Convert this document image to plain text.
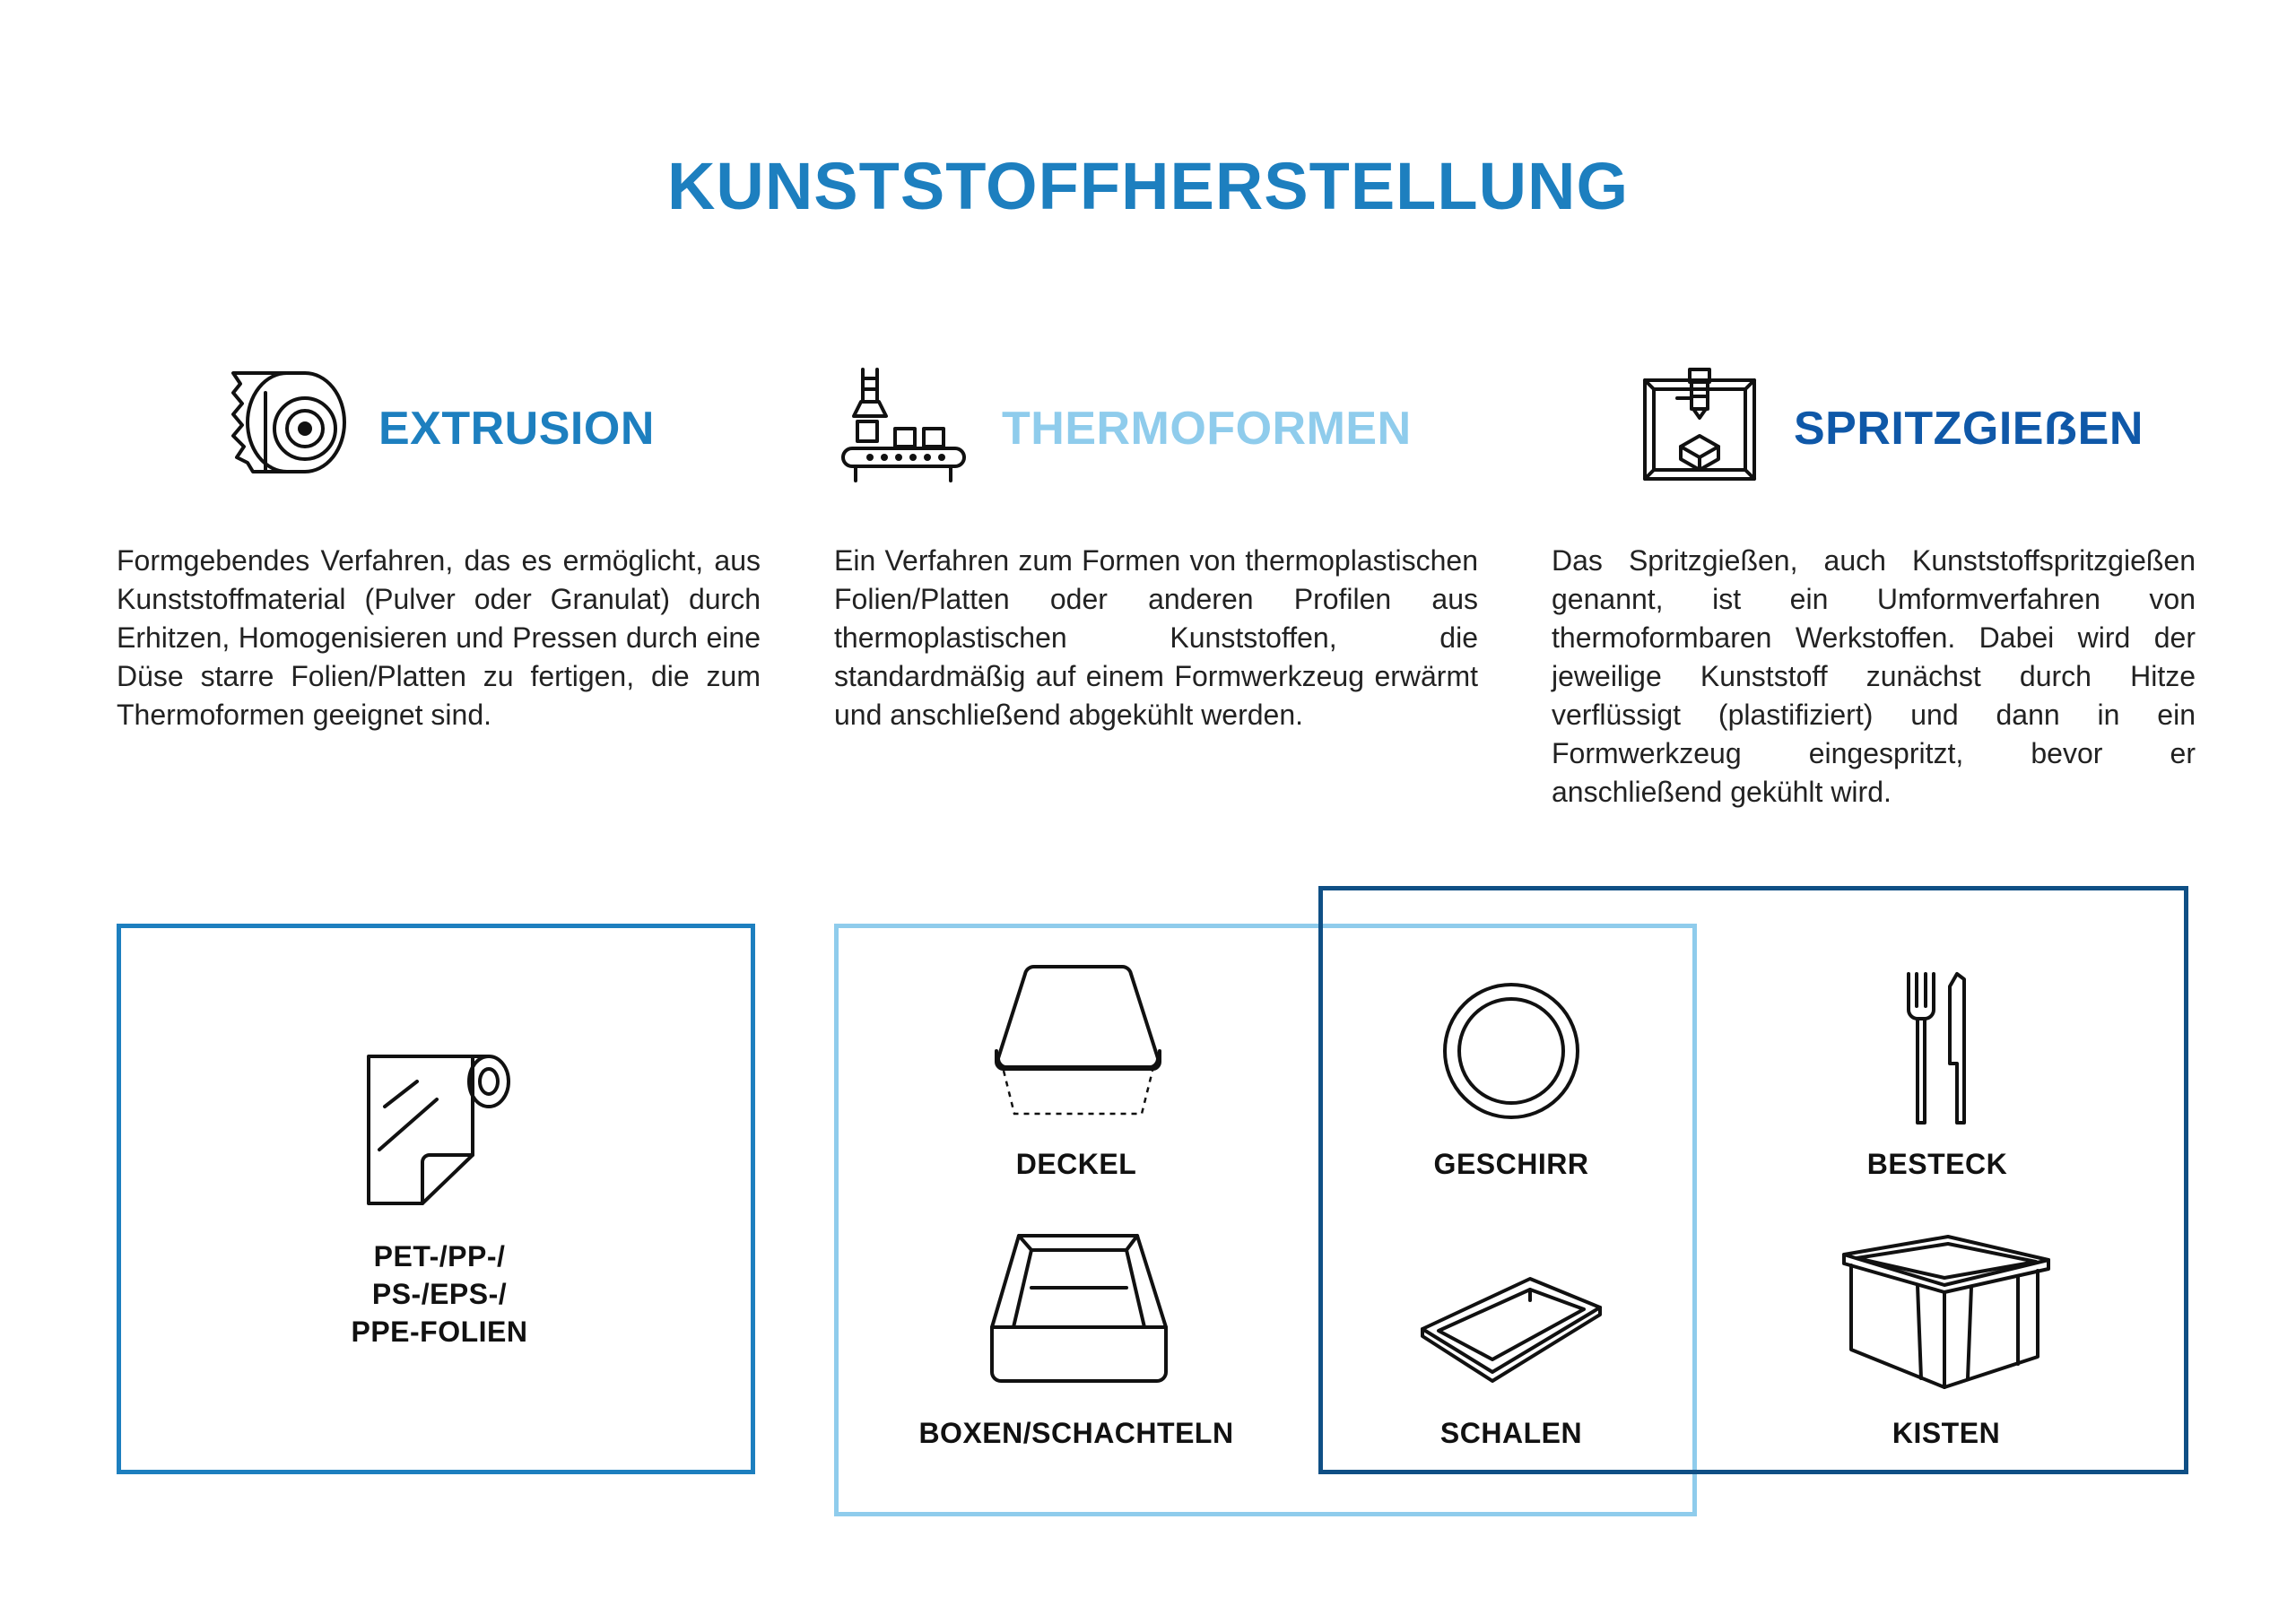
KUNSTSTOFFHERSTELLUNG
EXTRUSION
Formgebendes Verfahren, das es ermöglicht, aus Kunststoffmaterial (Pulver oder Granulat) durch Erhitzen, Homogenisieren und Pressen durch eine Düse starre Folien/Platten zu fertigen, die zum Thermoformen geeignet sind.
THERMOFORMEN
Ein Verfahren zum Formen von thermoplastischen Folien/Platten oder anderen Profilen aus thermoplastischen Kunststoffen, die standardmäßig auf einem Formwerkzeug erwärmt und anschließend abgekühlt werden.
SPRITZGIEẞEN
Das Spritzgießen, auch Kunststoffspritzgießen genannt, ist ein Umformverfahren von thermoformbaren Werkstoffen. Dabei wird der jeweilige Kunststoff zunächst durch Hitze verflüssigt (plastifiziert) und dann in ein Formwerkzeug eingespritzt, bevor er anschließend gekühlt wird.
PET-/PP-/
PS-/EPS-/
PPE-FOLIEN
DECKEL
BOXEN/SCHACHTELN
GESCHIRR
SCHALEN
BESTECK
KISTEN
